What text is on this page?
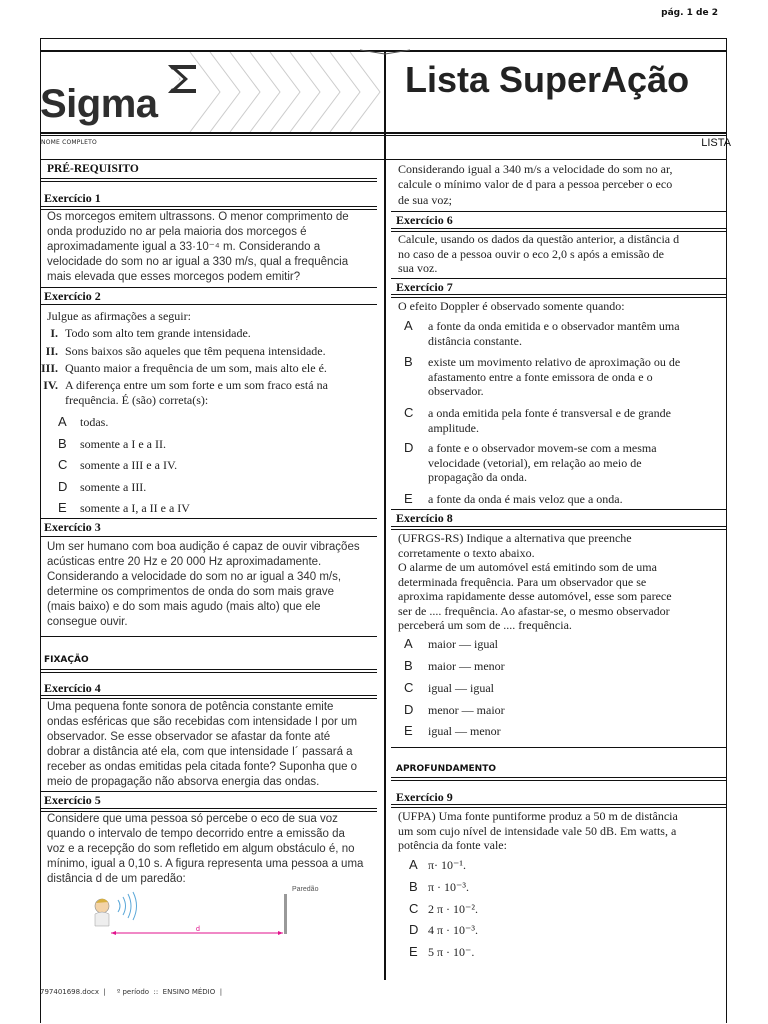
pág. 1 de 2
Sigma
Lista SuperAção
NOME COMPLETO	LISTA
PRÉ-REQUISITO
Exercício 1
Os morcegos emitem ultrassons. O menor comprimento de
onda produzido no ar pela maioria dos morcegos é
aproximadamente igual a 33·10⁻⁴ m. Considerando a
velocidade do som no ar igual a 330 m/s, qual a frequência
mais elevada que esses morcegos podem emitir?
Exercício 2
Julgue as afirmações a seguir:
I. Todo som alto tem grande intensidade.
II. Sons baixos são aqueles que têm pequena intensidade.
III. Quanto maior a frequência de um som, mais alto ele é.
IV. A diferença entre um som forte e um som fraco está na
frequência. É (são) correta(s):
A todas.
B somente a I e a II.
C somente a III e a IV.
D somente a III.
E somente a I, a II e a IV
Exercício 3
Um ser humano com boa audição é capaz de ouvir vibrações
acústicas entre 20 Hz e 20 000 Hz aproximadamente.
Considerando a velocidade do som no ar igual a 340 m/s,
determine os comprimentos de onda do som mais grave
(mais baixo) e do som mais agudo (mais alto) que ele
consegue ouvir.
FIXAÇÃO
Exercício 4
Uma pequena fonte sonora de potência constante emite
ondas esféricas que são recebidas com intensidade I por um
observador. Se esse observador se afastar da fonte até
dobrar a distância até ela, com que intensidade I´ passará a
receber as ondas emitidas pela citada fonte? Suponha que o
meio de propagação não absorva energia das ondas.
Exercício 5
Considere que uma pessoa só percebe o eco de sua voz
quando o intervalo de tempo decorrido entre a emissão da
voz e a recepção do som refletido em algum obstáculo é, no
mínimo, igual a 0,10 s. A figura representa uma pessoa a uma
distância d de um paredão:
Paredão
d
Considerando igual a 340 m/s a velocidade do som no ar,
calcule o mínimo valor de d para a pessoa perceber o eco
de sua voz;
Exercício 6
Calcule, usando os dados da questão anterior, a distância d
no caso de a pessoa ouvir o eco 2,0 s após a emissão de
sua voz.
Exercício 7
O efeito Doppler é observado somente quando:
A a fonte da onda emitida e o observador mantêm uma
distância constante.
B existe um movimento relativo de aproximação ou de
afastamento entre a fonte emissora de onda e o
observador.
C a onda emitida pela fonte é transversal e de grande
amplitude.
D a fonte e o observador movem-se com a mesma
velocidade (vetorial), em relação ao meio de
propagação da onda.
E a fonte da onda é mais veloz que a onda.
Exercício 8
(UFRGS-RS) Indique a alternativa que preenche
corretamente o texto abaixo.
O alarme de um automóvel está emitindo som de uma
determinada frequência. Para um observador que se
aproxima rapidamente desse automóvel, esse som parece
ser de .... frequência. Ao afastar-se, o mesmo observador
perceberá um som de .... frequência.
A maior — igual
B maior — menor
C igual — igual
D menor — maior
E igual — menor
APROFUNDAMENTO
Exercício 9
(UFPA) Uma fonte puntiforme produz a 50 m de distância
um som cujo nível de intensidade vale 50 dB. Em watts, a
potência da fonte vale:
A π· 10⁻¹.
B π · 10⁻³.
C 2 π · 10⁻².
D 4 π · 10⁻³.
E 5 π · 10⁻.
797401698.docx  |     º período  ::  ENSINO MÉDIO  |
